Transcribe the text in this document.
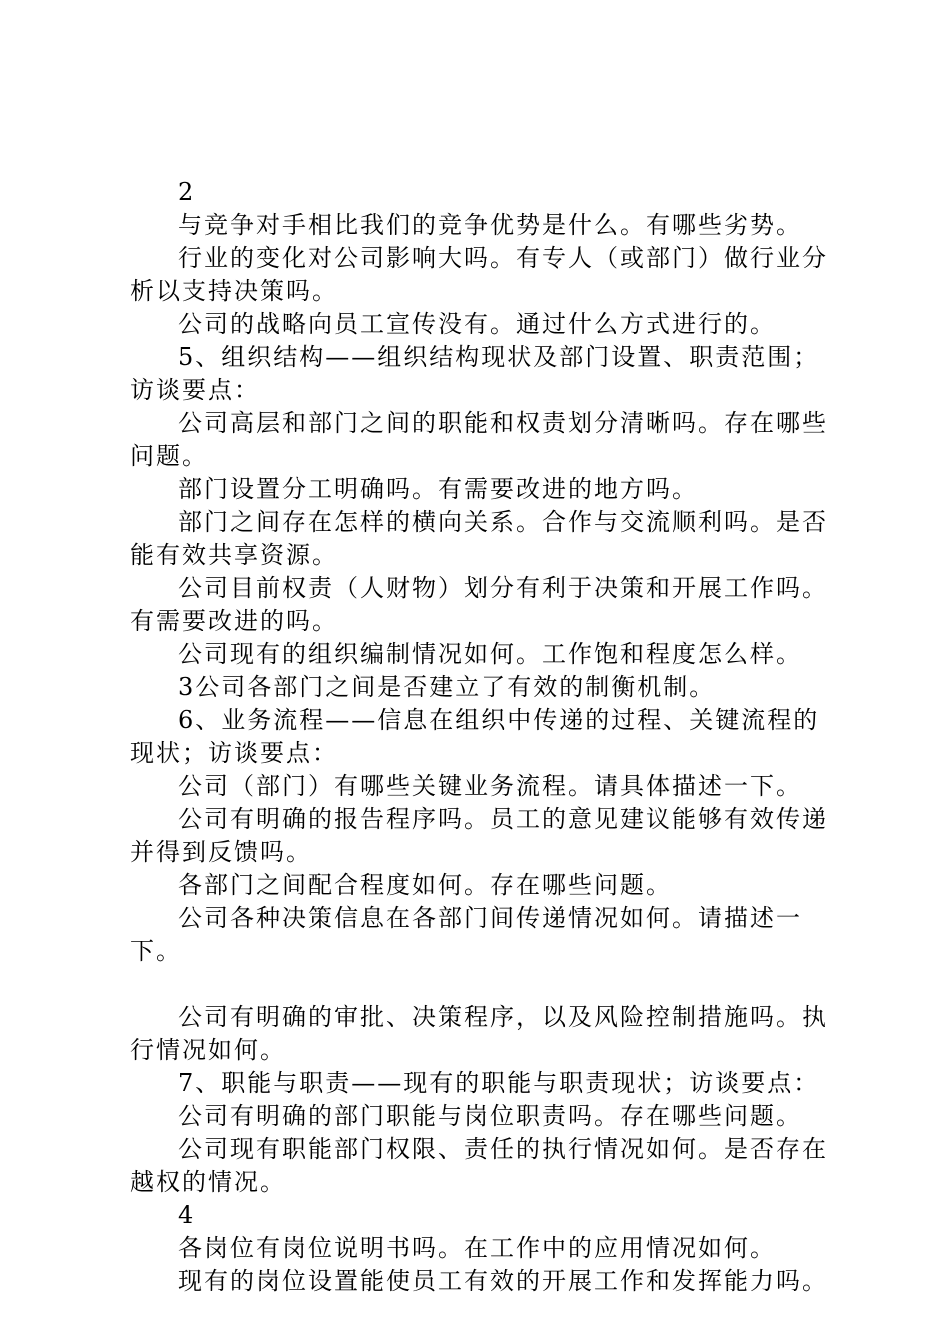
2

与竞争对手相比我们的竞争优势是什么。有哪些劣势。

行业的变化对公司影响大吗。有专人（或部门）做行业分析以支持决策吗。

公司的战略向员工宣传没有。通过什么方式进行的。

5、组织结构——组织结构现状及部门设置、职责范围；访谈要点：

公司高层和部门之间的职能和权责划分清晰吗。存在哪些问题。

部门设置分工明确吗。有需要改进的地方吗。

部门之间存在怎样的横向关系。合作与交流顺利吗。是否能有效共享资源。

公司目前权责（人财物）划分有利于决策和开展工作吗。有需要改进的吗。

公司现有的组织编制情况如何。工作饱和程度怎么样。

3公司各部门之间是否建立了有效的制衡机制。

6、业务流程——信息在组织中传递的过程、关键流程的现状；访谈要点：

公司（部门）有哪些关键业务流程。请具体描述一下。

公司有明确的报告程序吗。员工的意见建议能够有效传递并得到反馈吗。

各部门之间配合程度如何。存在哪些问题。

公司各种决策信息在各部门间传递情况如何。请描述一下。

公司有明确的审批、决策程序，以及风险控制措施吗。执行情况如何。

7、职能与职责——现有的职能与职责现状；访谈要点：

公司有明确的部门职能与岗位职责吗。存在哪些问题。

公司现有职能部门权限、责任的执行情况如何。是否存在越权的情况。

4

各岗位有岗位说明书吗。在工作中的应用情况如何。

现有的岗位设置能使员工有效的开展工作和发挥能力吗。
